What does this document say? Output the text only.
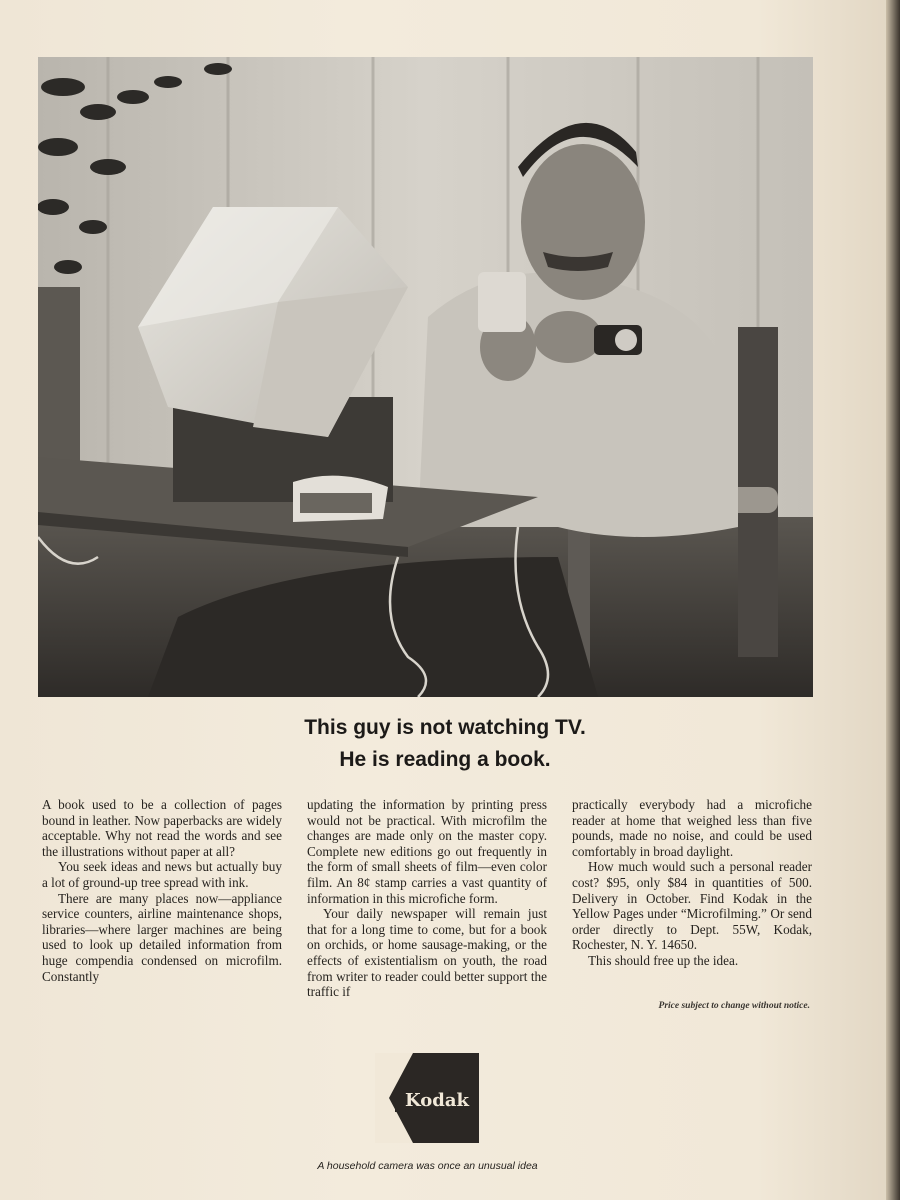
This guy is not watching TV.
He is reading a book.

A book used to be a collection of pages bound in leather. Now paperbacks are widely acceptable. Why not read the words and see the illustrations without paper at all?

You seek ideas and news but actually buy a lot of ground-up tree spread with ink.

There are many places now—appliance service counters, airline maintenance shops, libraries—where larger machines are being used to look up detailed information from huge compendia condensed on microfilm. Constantly

updating the information by printing press would not be practical. With microfilm the changes are made only on the master copy. Complete new editions go out frequently in the form of small sheets of film—even color film. An 8¢ stamp carries a vast quantity of information in this microfiche form.

Your daily newspaper will remain just that for a long time to come, but for a book on orchids, or home sausage-making, or the effects of existentialism on youth, the road from writer to reader could better support the traffic if

practically everybody had a microfiche reader at home that weighed less than five pounds, made no noise, and could be used comfortably in broad daylight.

How much would such a personal reader cost? $95, only $84 in quantities of 500. Delivery in October. Find Kodak in the Yellow Pages under “Microfilming.” Or send order directly to Dept. 55W, Kodak, Rochester, N. Y. 14650.

This should free up the idea.

Price subject to change without notice.
Kodak
A household camera was once an unusual idea
